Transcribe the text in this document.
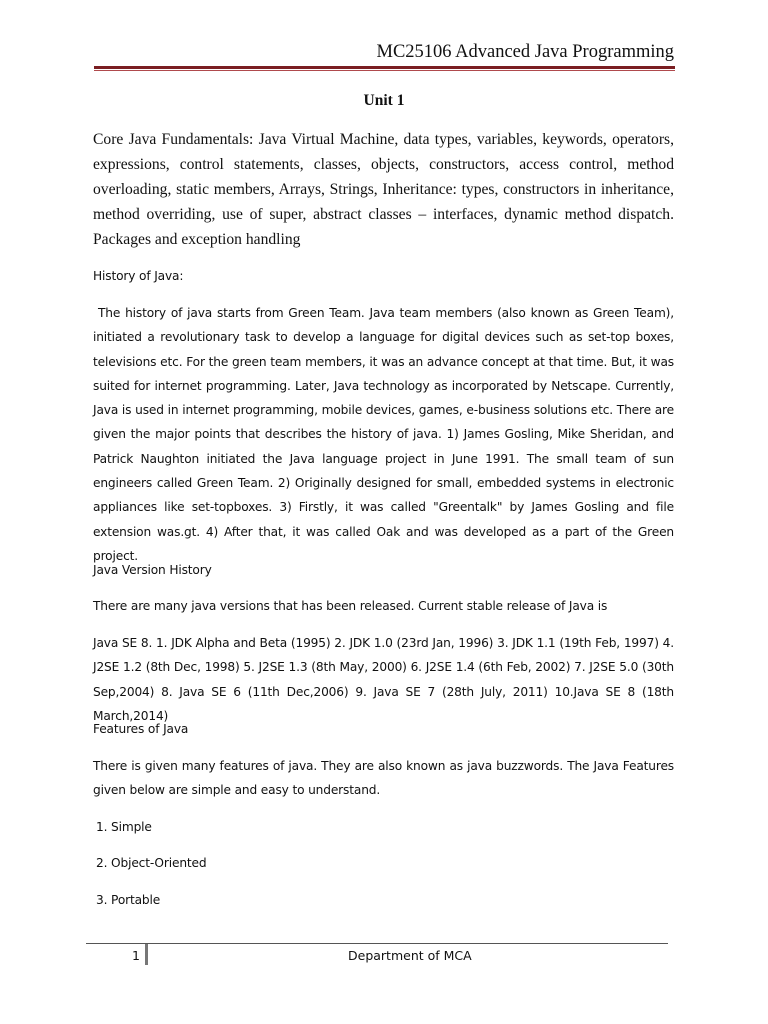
MC25106 Advanced Java Programming
Unit 1

Core Java Fundamentals: Java Virtual Machine, data types, variables, keywords, operators, expressions, control statements, classes, objects, constructors, access control, method overloading, static members, Arrays, Strings, Inheritance: types, constructors in inheritance, method overriding, use of super, abstract classes – interfaces, dynamic method dispatch. Packages and exception handling

History of Java:

The history of java starts from Green Team. Java team members (also known as Green Team), initiated a revolutionary task to develop a language for digital devices such as set-top boxes, televisions etc. For the green team members, it was an advance concept at that time. But, it was suited for internet programming. Later, Java technology as incorporated by Netscape. Currently, Java is used in internet programming, mobile devices, games, e-business solutions etc. There are given the major points that describes the history of java. 1) James Gosling, Mike Sheridan, and Patrick Naughton initiated the Java language project in June 1991. The small team of sun engineers called Green Team. 2) Originally designed for small, embedded systems in electronic appliances like set-topboxes. 3) Firstly, it was called "Greentalk" by James Gosling and file extension was.gt. 4) After that, it was called Oak and was developed as a part of the Green project.

Java Version History

There are many java versions that has been released. Current stable release of Java is

Java SE 8. 1. JDK Alpha and Beta (1995) 2. JDK 1.0 (23rd Jan, 1996) 3. JDK 1.1 (19th Feb, 1997) 4. J2SE 1.2 (8th Dec, 1998) 5. J2SE 1.3 (8th May, 2000) 6. J2SE 1.4 (6th Feb, 2002) 7. J2SE 5.0 (30th Sep,2004) 8. Java SE 6 (11th Dec,2006) 9. Java SE 7 (28th July, 2011) 10.Java SE 8 (18th March,2014)

Features of Java

There is given many features of java. They are also known as java buzzwords. The Java Features given below are simple and easy to understand.

1. Simple

2. Object-Oriented

3. Portable

1	Department of MCA
